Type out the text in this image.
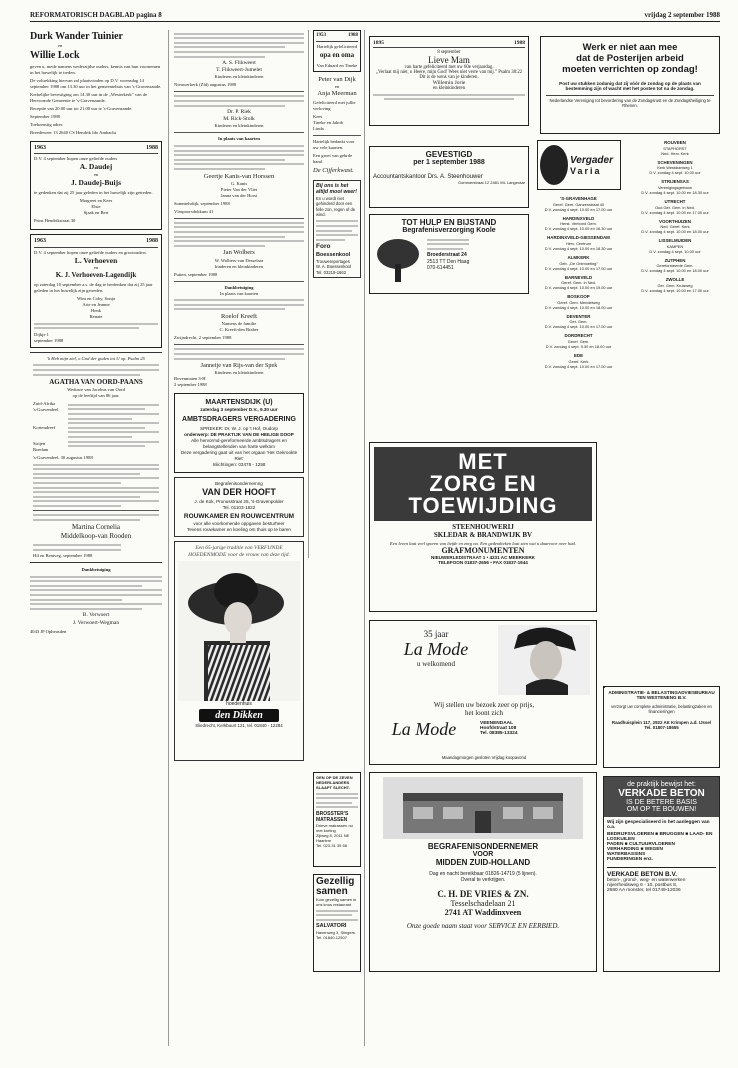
REFORMATORISCH DAGBLAD pagina 8	vrijdag 2 september 1988
Durk Wander Tuinier
en
Willie Lock

geven u, mede namens wederzijdse ouders, kennis van hun voornemen in het huwelijk te treden.

De voltrekking hiervan zal plaatsvinden op D.V. woensdag 14 september 1988 om 13.30 uur in het gemeentehuis van 's-Gravenzande.

Kerkelijke bevestiging om 14.30 uur in de „Westerkerk” van de Hervormde Gemeente te 's-Gravenzande.

Receptie van 20.00 uur tot 21.00 uur te 's-Gravenzande.

September 1988

Toekomstig adres

Breedeweer 13 2640 CS Hendrik Ido Ambacht

1963	1988

D.V. 4 september hopen onze geliefde ouders

A. Daudej
en
J. Daudej-Buijs

te gedenken dat zij 25 jaar geleden in het huwelijk zijn getreden.

Margreet en Kees
Elsie
Sjaak en Bert

Prins Hendrikstraat 30

1963	1988

D.V. 4 september hopen onze geliefde ouders en grootouders

L. Verhoeven
en
K. J. Verhoeven-Lagendijk

op zaterdag 10 september a.s. de dag te herdenken dat zij 25 jaar geleden in het huwelijk zijn getreden.

Wim en Coby, Sonja
Arie en Jeanne
Henk
Renate

Dijkje 1

september 1988

'k Heb mijn ziel, o God der goden tot U op. Psalm 25

AGATHA VAN OORD-PAANS
Weduwe van Jacobus van Oord
op de leeftijd van 86 jaar.
Zuid-Afrika
's-Gravendeel
Kortendreef
Strijen
Boedam

's-Gravendeel, 30 augustus 1988

Martina Cornelia
Middelkoop-van Rooden

Hil en Bentveg, september 1988

Dankbetuiging
B. Verwoert
J. Verwoert-Wegman

4043 JP Opheusden

A. S. Flikweert
T. Flikweert-Jumelet
Kinderen en kleinkinderen

Nieuwerkerk (Zld) augustus 1988

Dr. P. Riek
M. Rick-Stolk
Kinderen en kleinkinderen
In plaats van kaarten
Geertje Kanis-van Horssen
G. Kanis
Pieter Van der Vliet
Janna van der Horst

Sommelsdijk, september 1988

Vlaspoorsdokkum 41

Jan Wolbers
W. Wolbers-van Desselaar
kinderen en kleinkinderen

Putten, september 1988

Dankbetuiging
In plaats van kaarten
Roelof Kreeft
Namens de familie
C. Kreeft-den Braber

Zwijndrecht, 2 september 1988

Jannetje van Rijs-van der Spek
Kinderen en kleinkinderen

Bovenmaten 3-H

2 september 1988

MAARTENSDIJK (U)
zaterdag 3 september D.V., 9.30 uur
AMBTSDRAGERS VERGADERING
SPREKER: Dr. W. J. op 't Hof, Oudorp
onderwerp: DE PRAKTIJK VAN DE HEILIGE DOOP
Alle hervormd-gereformeerde ambtsdragers en belangstellenden van harte welkom
Deze vergadering gaat uit van het orgaan 'Het Gekrookte Riet'
Inlichtingen: 03478 - 1258
Begrafenisondernemng
VAN DER HOOFT
J. de Kok, Prunusstraat 25, 's-Gravenpolder
Tel. 01103-1822
ROUWKAMER EN ROUWCENTRUM
voor alle voorkomende oppgaven besturheer
Tevens rouwkamer en koeling om thuis op te baren
Een 65-jarige traditie van VERFIJNDE HOEDENMODE voor de vrouw van deze tijd.
hoedenhuis
den Dikken
Sliedrecht, Kerkbuurt 121, tel. 01840 - 12284
1953	1988
Hartelijk gefeliciteerd
opa en oma
Van Eduard en Tineke
Peter van Dijk
en
Anja Meerman

Gefeliciteerd met jullie verloving

Kees
Tineke en Jakob
Linda

Hartelijk bedankt voor uw vele kaarten.

Een groet van gebrde hand

De Cijferkwast.
Bij ons is het
altijd mooi weer!
En u wordt niet gehinderd door een felle zon, regen of de wind.
Foro
Boessenkool
Trouwereportages
W. A. Boessenkool
Tel. 03219-1662
GEN OP DE ZEVEN NEDERLANDERS SLAAPT SLECHT.
BROSSTER'S MATRASSEN
Drieve matrassen nu met korting
Zijlweg 8, 2011 NE Haarlem
Tel. 023-31 35 58
Gezellig samen
Kom gezellig samen in ons knus restaurant
SALVATORI
Havenweg 3, Slingers
Tel. 01840-12507
1895	1988
8 september
Lieve Mam
van harte gefeliciteerd met uw 60e verjaardag.
„Verlaat mij niet, o Heere, mijn God! Wees niet verre van mij.” Psalm 38:22
Dit is de wens van je kinderen.
Willemin Jorie
en kleinkinderen
GEVESTIGD
per 1 september 1988
Accountantskantoor Drs. A. Steenhouwer
Gommerstraat 12 2481 ML Langeraar
TOT HULP EN BIJSTAND
Begrafenisverzorging Koole
Broederstraat 24
2513 TT Den Haag
070-614451
MET
ZORG EN
TOEWIJDING
STEENHOUWERIJ
SKLEDAR & BRANDWIJK BV
Een leven laat veel sporen van liefde en zorg na. Een gedenkteken laat zien wat u daarvoor over had.
GRAFMONUMENTEN
NIEUWERLEDISTRAAT 1 • 4231 AC MEERKERK
TELEFOON 01837-2656 • FAX 01837-1944
35 jaar
La Mode
u welkomend
Wij stellen uw bezoek zeer op prijs,
het loont zich
La Mode	VEENENDAAL
Hoofdstraat 108
Tel. 08385-13324
Maandagmorgen gesloten Vrijdag koopavond
BEGRAFENISONDERNEMER
VOOR
MIDDEN ZUID-HOLLAND
Dag en nacht bereikbaar 01826-14719 (5 lijnen).
Overal te verkrijgen.
C. H. DE VRIES & ZN.
Tesselschadelaan 21
2741 AT Waddinxveen
Onze goede naam staat voor SERVICE EN EERBIED.
Werk er niet aan mee
dat de Posterijen arbeid
moeten verrichten op zondag!
Post uw stukken zodanig dat zij vóór de zondag op de plaats van bestemming zijn of wacht met het posten tot na de zondag.
Nederlandse Vereniging tot bevordering van de Zondagsrust en de Zondagsheiliging te Rhenen.
Vergader
Varia
'S-GRAVENHAGE
Geref. Gem. Ganzenstraat 40
D.V. zondag 4 sept. 10.00 en 17.00 uur
HARDINXVELD
Herst. Verbond Gem.
D.V. zondag 4 sept. 10.00 en 16.30 uur
HARDINXVELD-GIESSENDAM
Herv. Centrum
D.V. zondag 4 sept. 10.00 en 18.30 uur
ALMKERK
Geb. „De Ontmoeting”
D.V. zondag 4 sept. 10.00 en 17.00 uur
BARNEVELD
Geref. Gem. in Ned.
D.V. zondag 4 sept. 10.00 en 19.00 uur
BOSKOOP
Geref. Gem. Mendelweg
D.V. zondag 4 sept. 10.00 en 18.00 uur
DEVENTER
Ger. Gem.
D.V. zondag 4 sept. 10.00 en 17.00 uur
DORDRECHT
Geref. Gem.
D.V. zondag 4 sept. 9.30 en 18.00 uur
EDE
Geref. Kerk
D.V. zondag 4 sept. 10.00 en 17.00 uur
ROUVEEN
STAPHORST
Ned. Herv. Kerk
SCHEVENINGEN
Kerk Westduinweg 1
D.V. zondag 4 sept. 10.00 uur
STRIJENSAS
Verenigingsgebouw
D.V. zondag 4 sept. 10.00 en 18.30 uur
UTRECHT
Oud Ger. Gem. in Ned.
D.V. zondag 4 sept. 10.00 en 17.00 uur
VOORTHUIZEN
Ned. Geref. Kerk
D.V. zondag 4 sept. 10.00 en 18.00 uur
LISSELMUIDEN
KAMPEN
D.V. zondag 4 sept. 10.00 uur
ZUTPHEN
Gereformeerde Gem.
D.V. zondag 4 sept. 10.00 en 18.00 uur
ZWOLLE
Ger. Gem. Kruisweg
D.V. zondag 4 sept. 10.00 en 17.00 uur
ADMINISTRATIE- & BELASTINGADVIESBUREAU
TEN WESTENENG B.V.
verzorgt uw complete administratie, belastingzaken en financieringen
Raadhuisplein 117, 2922 AK Krimpen a.d. IJssel
Tel. 01807-18655
de praktijk bewijst het:
VERKADE BETON
IS DE BETERE BASIS
OM OP TE BOUWEN!
Wij zijn gespecialiseerd in het aanleggen van o.a.
BEDRIJFSVLOEREN ■ BRUGGEN ■ LAAD- EN LOSKUILEN
PADEN ■ CULTUURVLOEREN
VERHARDING ■ WEGEN
WATERBASSINS
FUNDERINGEN enz.
VERKADE BETON B.V.
beton-, grond-, weg- en waterwerken
nijverheidsweg 6 - 10, postbus 8,
2680 AA monster, tel 01749-12036
